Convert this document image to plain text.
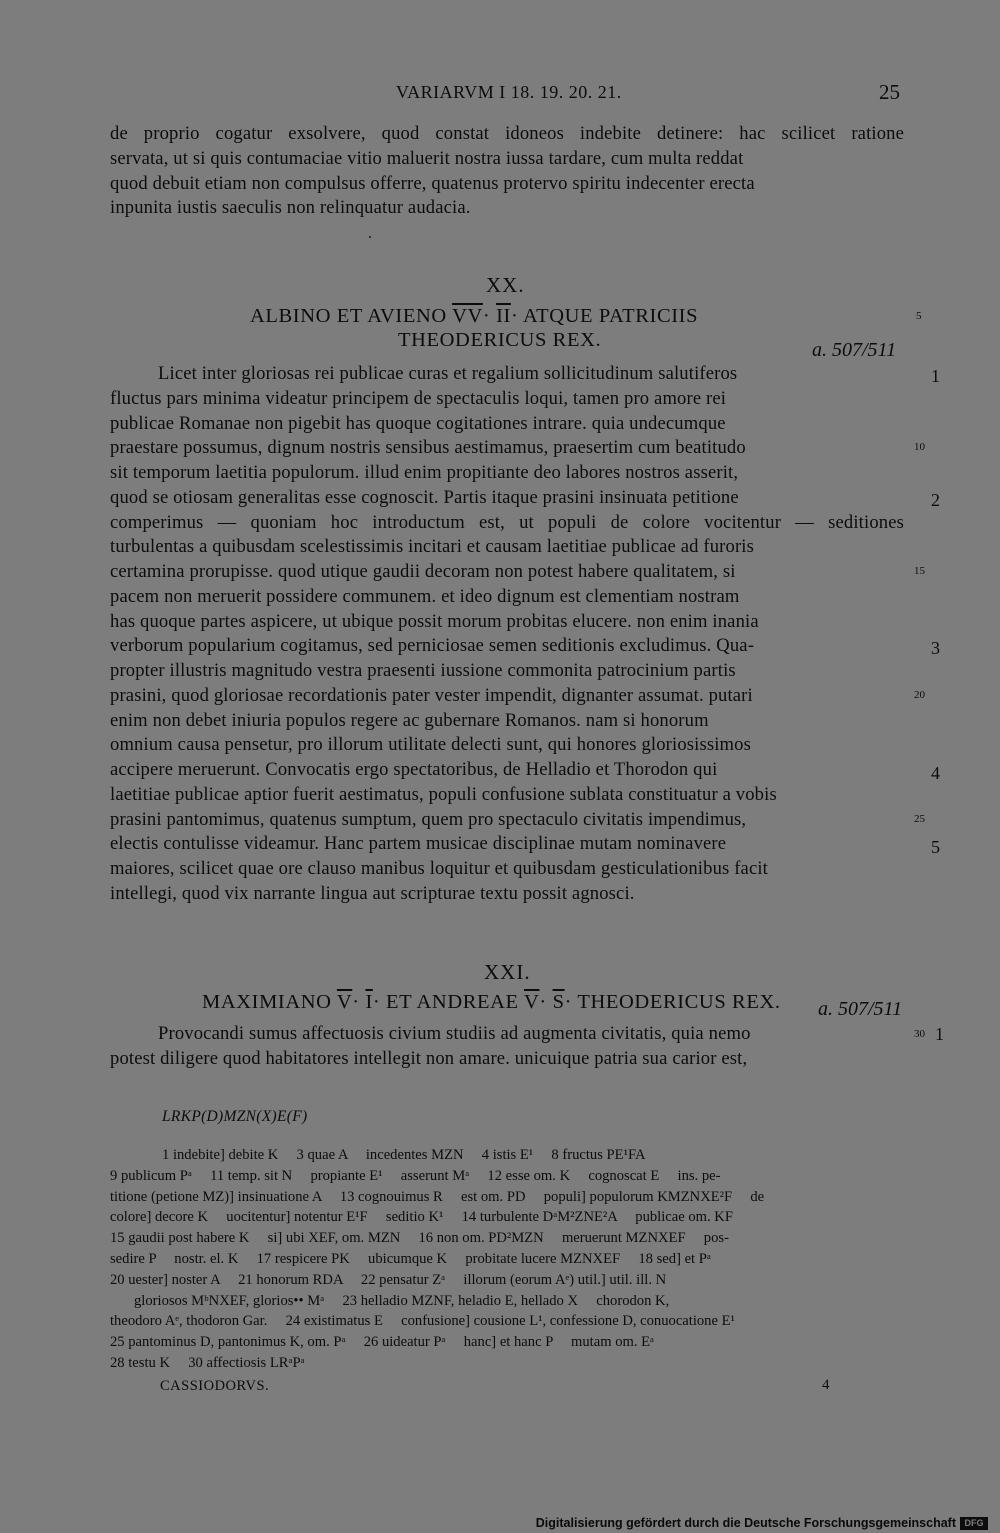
VARIARVM I 18. 19. 20. 21.	25
de proprio cogatur exsolvere, quod constat idoneos indebite detinere: hac scilicet ratione
servata, ut si quis contumaciae vitio maluerit nostra iussa tardare, cum multa reddat
quod debuit etiam non compulsus offerre, quatenus protervo spiritu indecenter erecta
inpunita iustis saeculis non relinquatur audacia.
XX.
ALBINO ET AVIENO $\overline{VV}\cdot \overline{II}\cdot$ ATQUE PATRICIIS
THEODERICUS REX.	a. 507/511
Licet inter gloriosas rei publicae curas et regalium sollicitudinum salutiferos
fluctus pars minima videatur principem de spectaculis loqui, tamen pro amore rei
publicae Romanae non pigebit has quoque cogitationes intrare. quia undecumque
praestare possumus, dignum nostris sensibus aestimamus, praesertim cum beatitudo
sit temporum laetitia populorum. illud enim propitiante deo labores nostros asserit,
quod se otiosam generalitas esse cognoscit. Partis itaque prasini insinuata petitione
comperimus — quoniam hoc introductum est, ut populi de colore vocitentur — seditiones
turbulentas a quibusdam scelestissimis incitari et causam laetitiae publicae ad furoris
certamina prorupisse. quod utique gaudii decoram non potest habere qualitatem, si
pacem non meruerit possidere communem. et ideo dignum est clementiam nostram
has quoque partes aspicere, ut ubique possit morum probitas elucere. non enim inania
verborum popularium cogitamus, sed perniciosae semen seditionis excludimus. Qua-
propter illustris magnitudo vestra praesenti iussione commonita patrocinium partis
prasini, quod gloriosae recordationis pater vester impendit, dignanter assumat. putari
enim non debet iniuria populos regere ac gubernare Romanos. nam si honorum
omnium causa pensetur, pro illorum utilitate delecti sunt, qui honores gloriosissimos
accipere meruerunt. Convocatis ergo spectatoribus, de Helladio et Thorodon qui
laetitiae publicae aptior fuerit aestimatus, populi confusione sublata constituatur a vobis
prasini pantomimus, quatenus sumptum, quem pro spectaculo civitatis impendimus,
electis contulisse videamur. Hanc partem musicae disciplinae mutam nominavere
maiores, scilicet quae ore clauso manibus loquitur et quibusdam gesticulationibus facit
intellegi, quod vix narrante lingua aut scripturae textu possit agnosci.
5
10
15
20
25
30
1
2
3
4
5
1
XXI.
MAXIMIANO $\overline{V}\cdot \overline{I}\cdot$ ET ANDREAE $\overline{V}\cdot \overline{S}\cdot$ THEODERICUS REX. a. 507/511
Provocandi sumus affectuosis civium studiis ad augmenta civitatis, quia nemo
potest diligere quod habitatores intellegit non amare. unicuique patria sua carior est,
LRKP(D)MZN(X)E(F)
1 indebite] debite K     3 quae A     incedentes MZN     4 istis E¹     8 fructus PE¹FA
9 publicum Pᵃ     11 temp. sit N     propiante E¹     asserunt Mᵃ     12 esse om. K     cognoscat E     ins. pe-
titione (petione MZ)] insinuatione A     13 cognouimus R     est om. PD     populi] populorum KMZNXE²F     de
colore] decore K     uocitentur] notentur E¹F     seditio K¹     14 turbulente DᵃM²ZNE²A     publicae om. KF
15 gaudii post habere K     si] ubi XEF, om. MZN     16 non om. PD²MZN     meruerunt MZNXEF     pos-
sedire P     nostr. el. K     17 respicere PK     ubicumque K     probitate lucere MZNXEF     18 sed] et Pᵃ
20 uester] noster A     21 honorum RDA     22 pensatur Zᵃ     illorum (eorum Aᵉ) util.] util. ill. N
gloriosos MᵇNXEF, glorios•• Mᵃ     23 helladio MZNF, heladio E, hellado X     chorodon K,
theodoro Aᵉ, thodoron Gar.     24 existimatus E     confusione] cousione L¹, confessione D, conuocatione E¹
25 pantominus D, pantonimus K, om. Pᵃ     26 uideatur Pᵃ     hanc] et hanc P     mutam om. Eᵃ
28 testu K     30 affectiosis LRᵃPᵃ
CASSIODORVS.	4
Digitalisierung gefördert durch die Deutsche Forschungsgemeinschaft DFG
